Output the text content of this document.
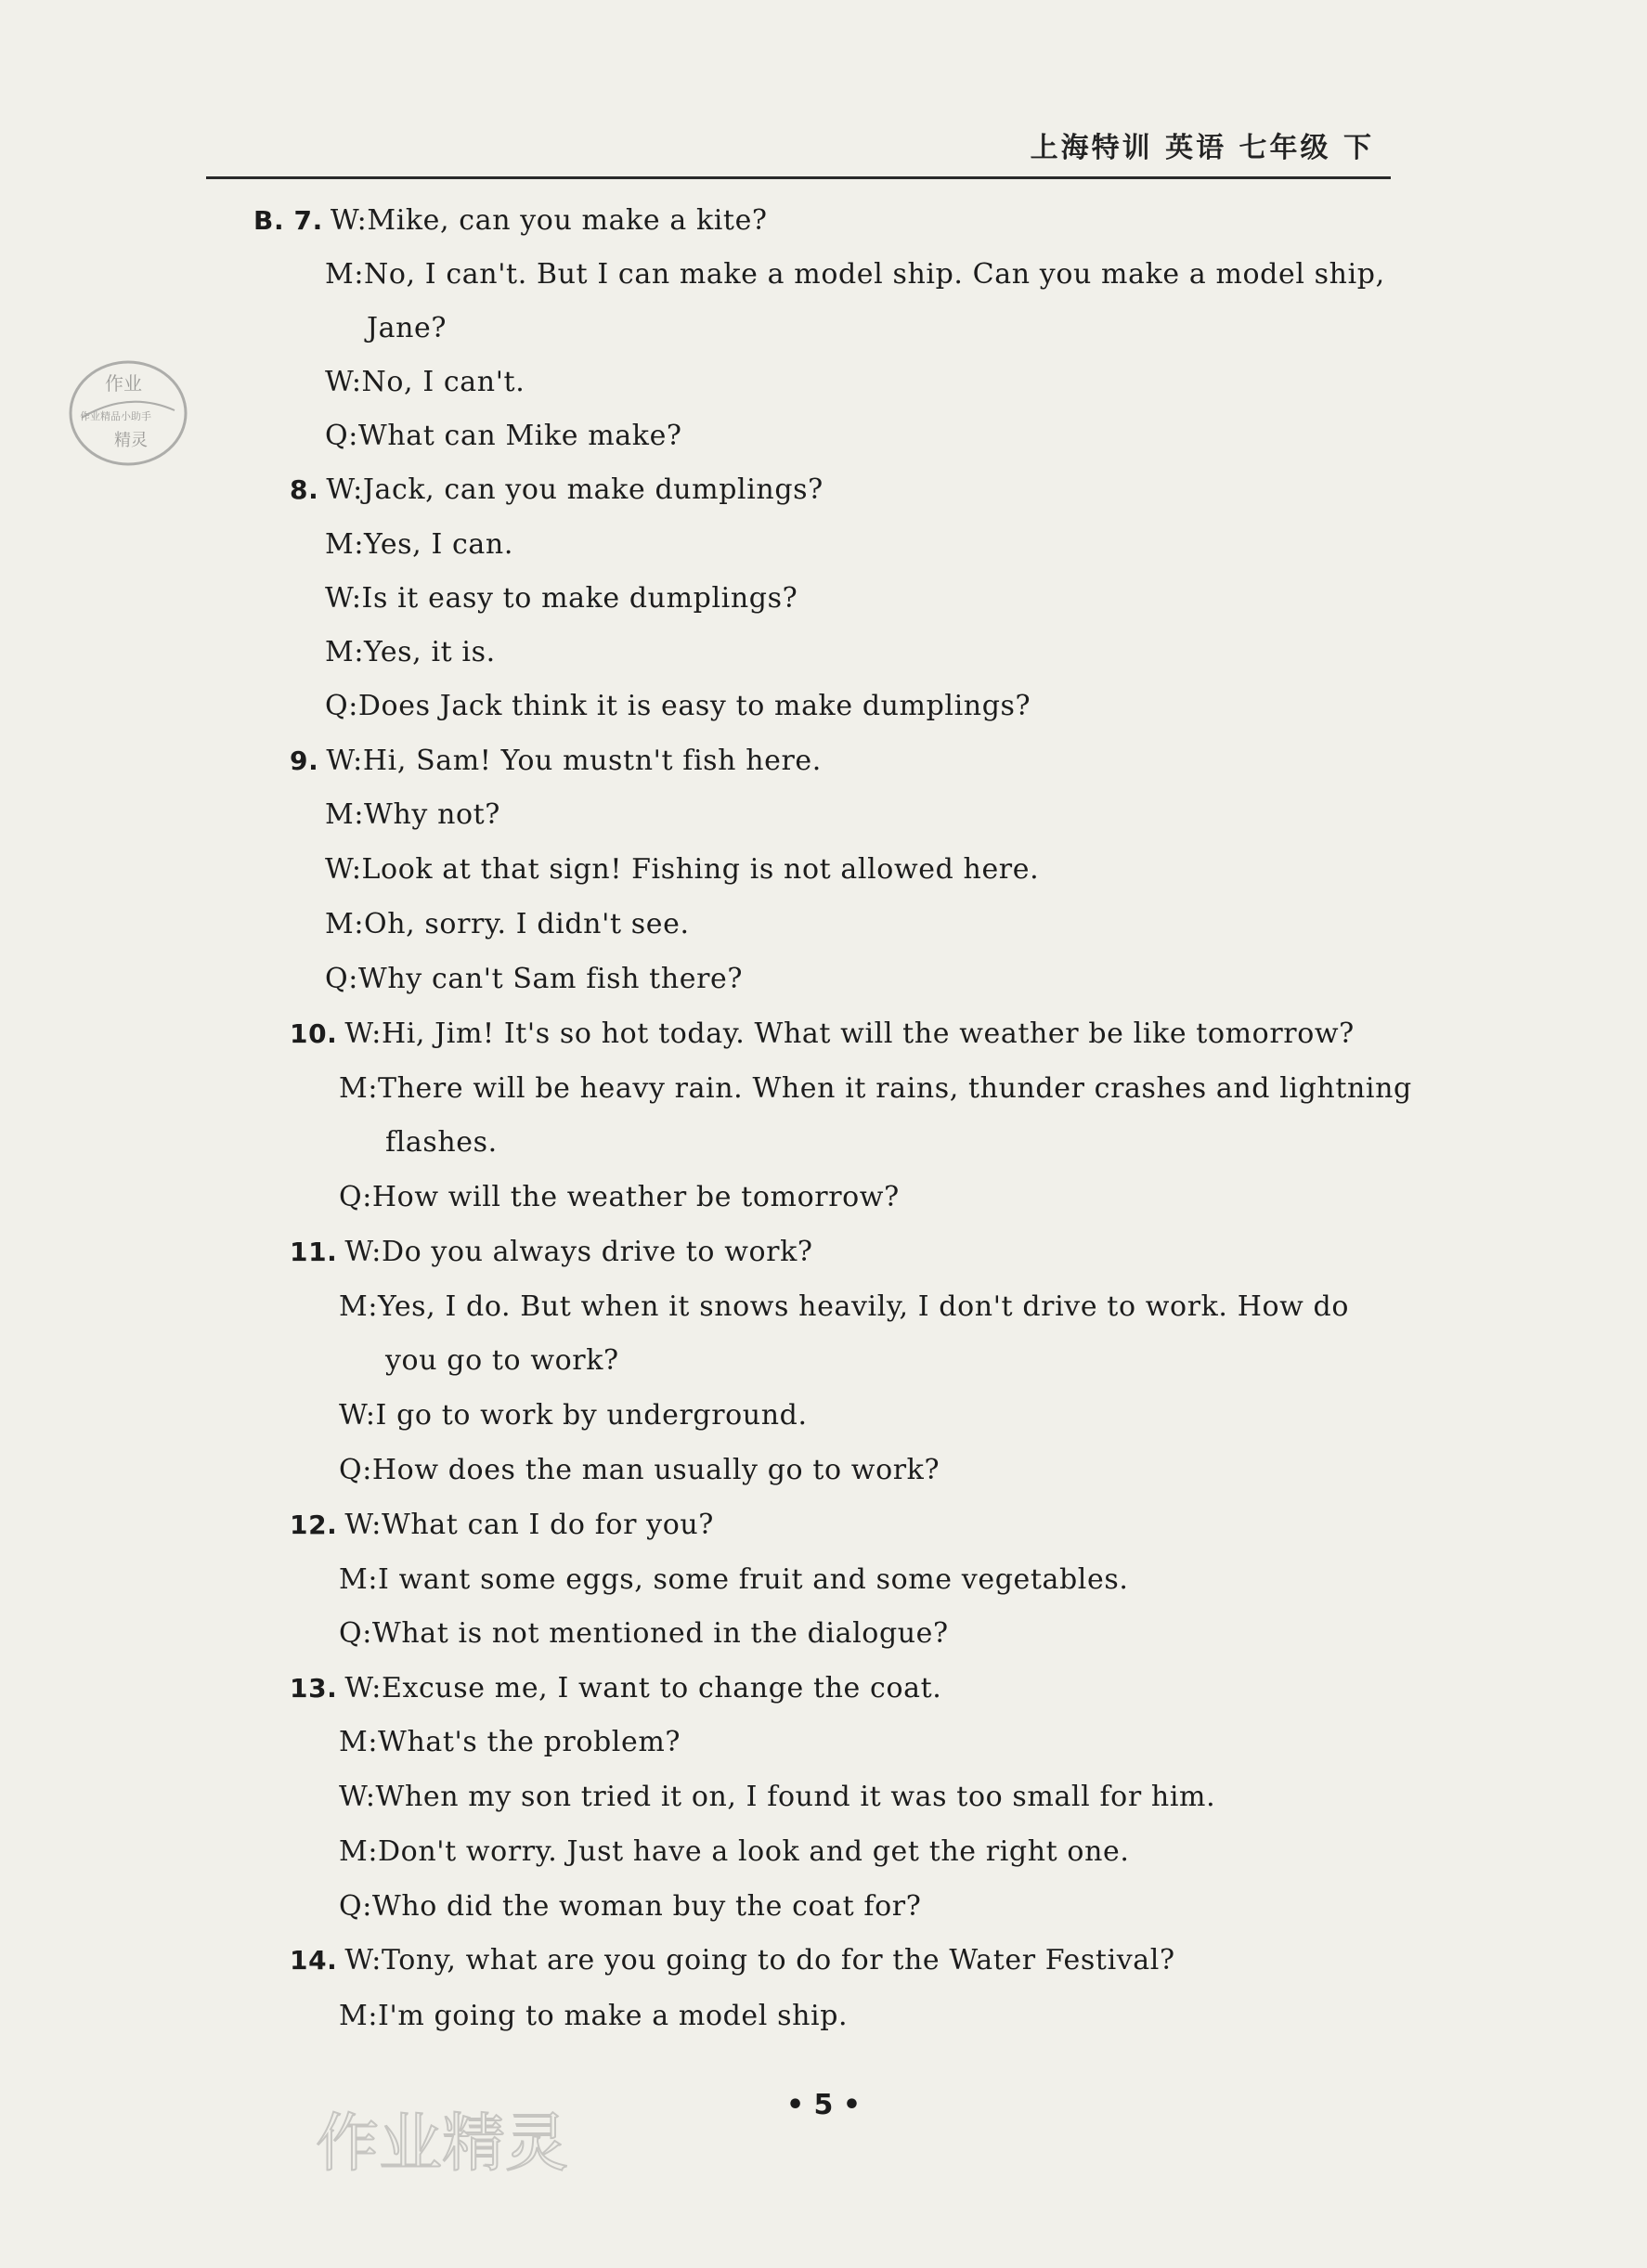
上海特训 英语 七年级 下
作业
作业精品小助手
精灵
B. 7. W:Mike, can you make a kite?
M:No, I can't. But I can make a model ship. Can you make a model ship,
Jane?
W:No, I can't.
Q:What can Mike make?
8. W:Jack, can you make dumplings?
M:Yes, I can.
W:Is it easy to make dumplings?
M:Yes, it is.
Q:Does Jack think it is easy to make dumplings?
9. W:Hi, Sam! You mustn't fish here.
M:Why not?
W:Look at that sign! Fishing is not allowed here.
M:Oh, sorry. I didn't see.
Q:Why can't Sam fish there?
10. W:Hi, Jim! It's so hot today. What will the weather be like tomorrow?
M:There will be heavy rain. When it rains, thunder crashes and lightning
flashes.
Q:How will the weather be tomorrow?
11. W:Do you always drive to work?
M:Yes, I do. But when it snows heavily, I don't drive to work. How do
you go to work?
W:I go to work by underground.
Q:How does the man usually go to work?
12. W:What can I do for you?
M:I want some eggs, some fruit and some vegetables.
Q:What is not mentioned in the dialogue?
13. W:Excuse me, I want to change the coat.
M:What's the problem?
W:When my son tried it on, I found it was too small for him.
M:Don't worry. Just have a look and get the right one.
Q:Who did the woman buy the coat for?
14. W:Tony, what are you going to do for the Water Festival?
M:I'm going to make a model ship.
• 5 •
作业精灵
